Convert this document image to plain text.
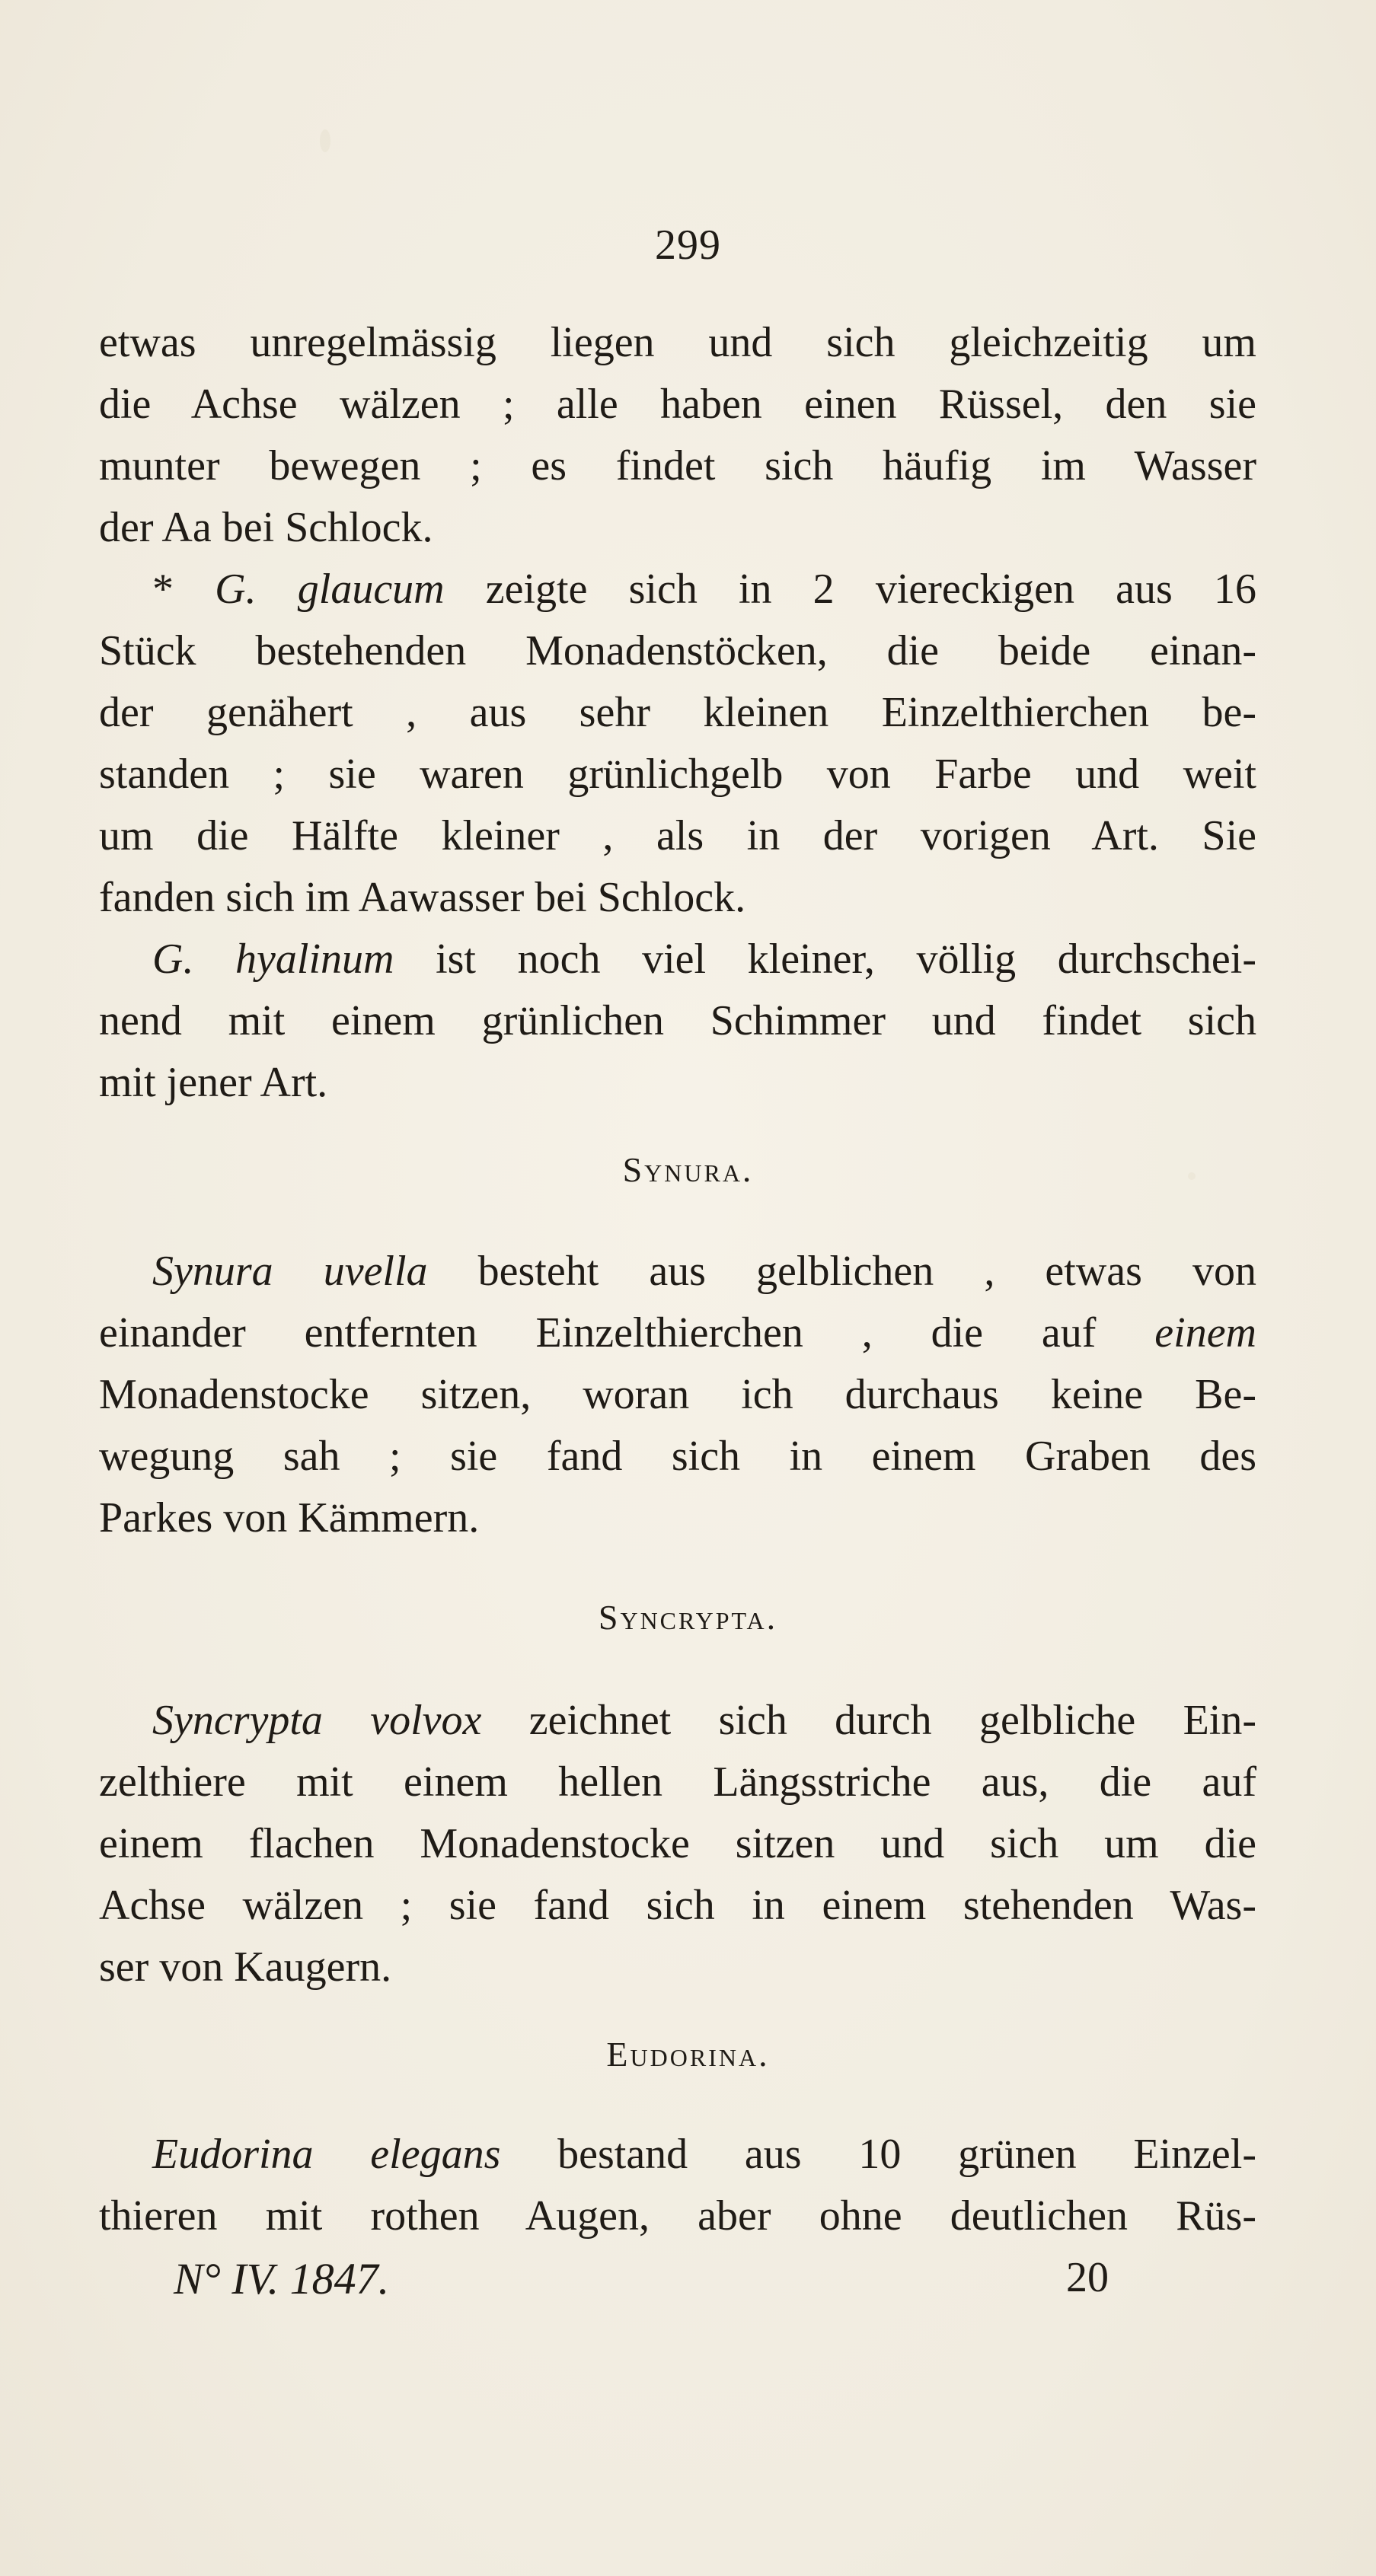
299
etwas unregelmässig liegen und sich gleichzeitig um
die Achse wälzen ; alle haben einen Rüssel, den sie
munter bewegen ; es findet sich häufig im Wasser
der Aa bei Schlock.
* G. glaucum zeigte sich in 2 viereckigen aus 16
Stück bestehenden Monadenstöcken, die beide einan-
der genähert , aus sehr kleinen Einzelthierchen be-
standen ; sie waren grünlichgelb von Farbe und weit
um die Hälfte kleiner , als in der vorigen Art. Sie
fanden sich im Aawasser bei Schlock.
G. hyalinum ist noch viel kleiner, völlig durchschei-
nend mit einem grünlichen Schimmer und findet sich
mit jener Art.
Synura.
Synura uvella besteht aus gelblichen , etwas von
einander entfernten Einzelthierchen , die auf einem
Monadenstocke sitzen, woran ich durchaus keine Be-
wegung sah ; sie fand sich in einem Graben des
Parkes von Kämmern.
Syncrypta.
Syncrypta volvox zeichnet sich durch gelbliche Ein-
zelthiere mit einem hellen Längsstriche aus, die auf
einem flachen Monadenstocke sitzen und sich um die
Achse wälzen ; sie fand sich in einem stehenden Was-
ser von Kaugern.
Eudorina.
Eudorina elegans bestand aus 10 grünen Einzel-
thieren mit rothen Augen, aber ohne deutlichen Rüs-
N° IV. 1847.	20
